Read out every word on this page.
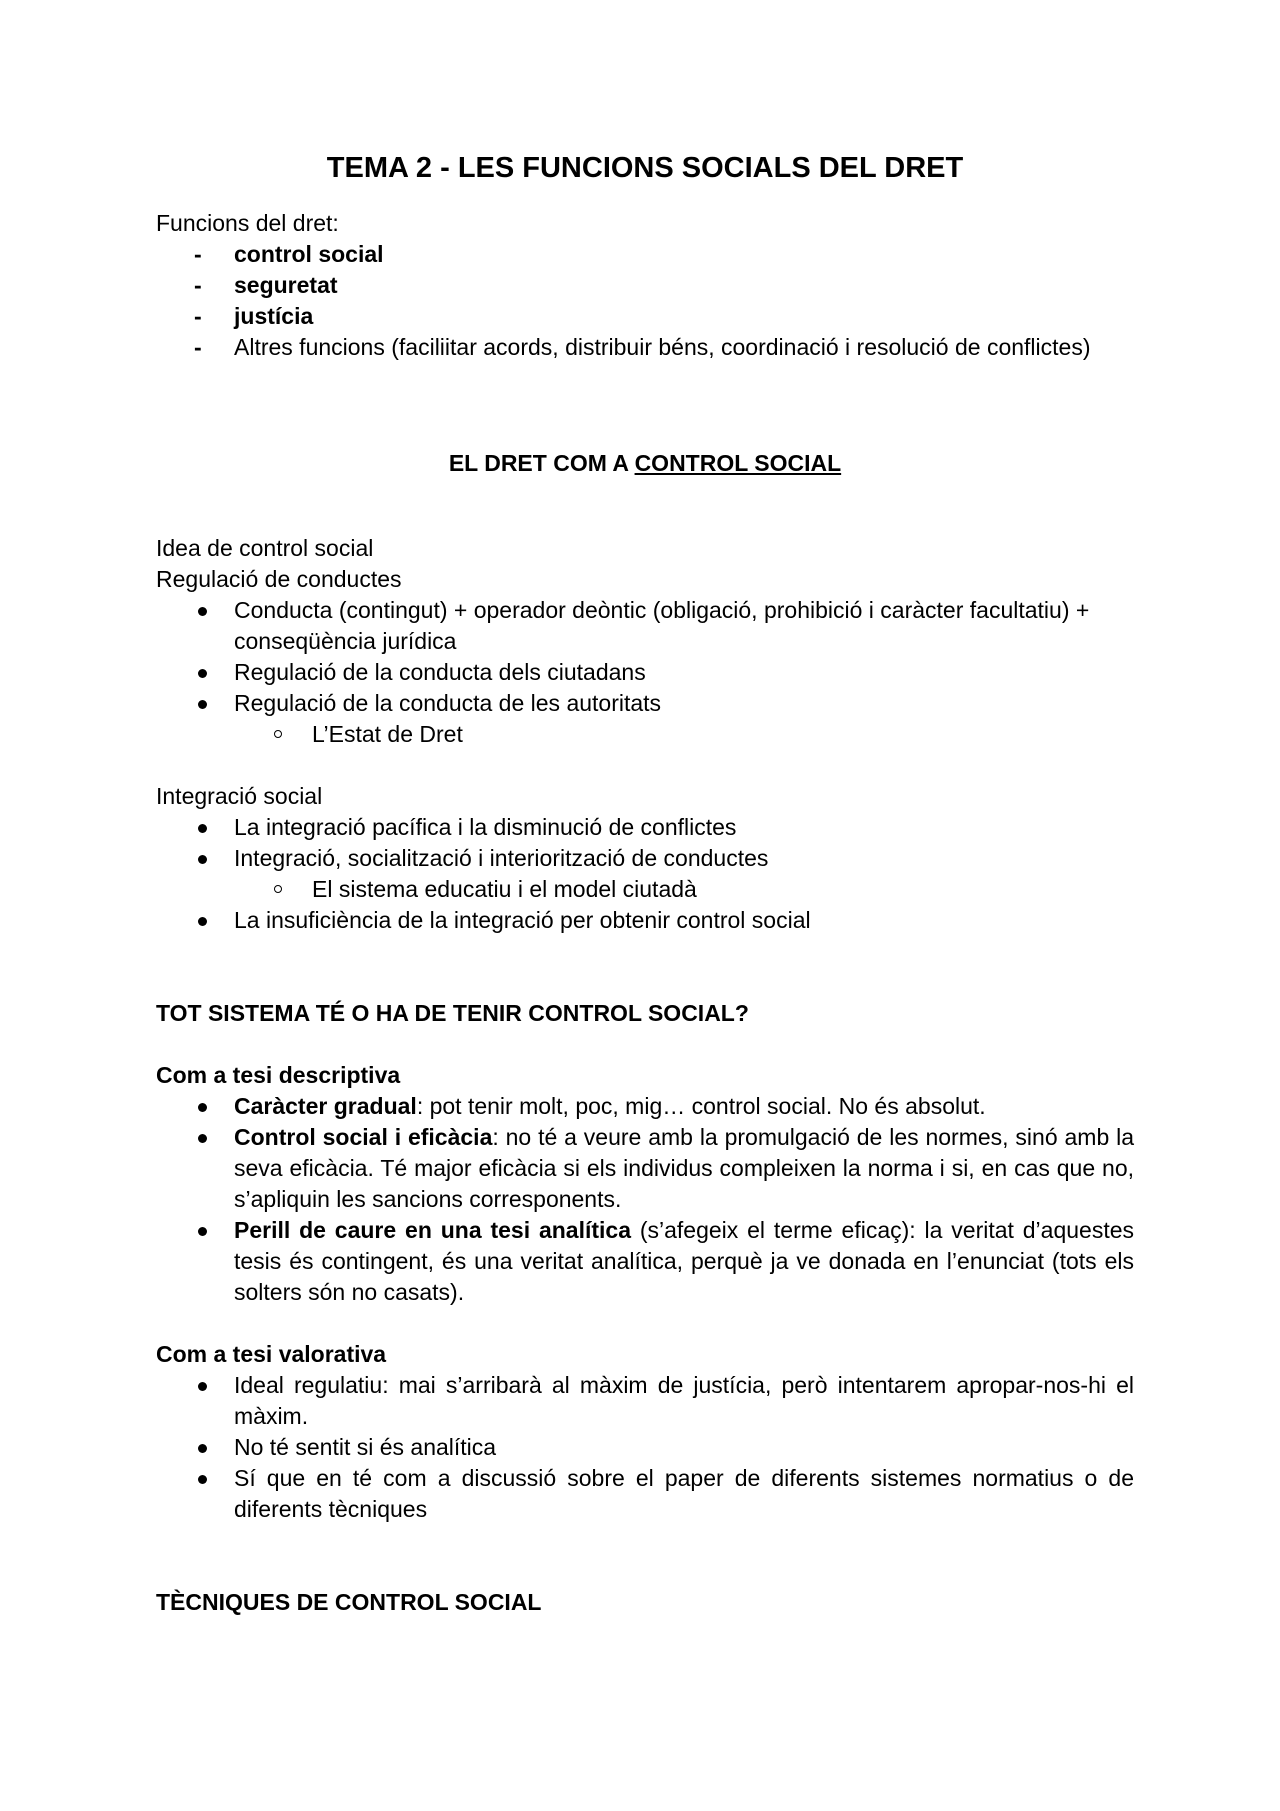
TEMA 2 - LES FUNCIONS SOCIALS DEL DRET

Funcions del dret:

- control social
- seguretat
- justícia
- Altres funcions (faciliitar acords, distribuir béns, coordinació i resolució de conflictes)

EL DRET COM A CONTROL SOCIAL

Idea de control social

Regulació de conductes

Conducta (contingut) + operador deòntic (obligació, prohibició i caràcter facultatiu) + conseqüència jurídica
Regulació de la conducta dels ciutadans
Regulació de la conducta de les autoritats
L’Estat de Dret

Integració social

La integració pacífica i la disminució de conflictes
Integració, socialització i interiorització de conductes
El sistema educatiu i el model ciutadà
La insuficiència de la integració per obtenir control social

TOT SISTEMA TÉ O HA DE TENIR CONTROL SOCIAL?

Com a tesi descriptiva

Caràcter gradual: pot tenir molt, poc, mig… control social. No és absolut.
Control social i eficàcia: no té a veure amb la promulgació de les normes, sinó amb la seva eficàcia. Té major eficàcia si els individus compleixen la norma i si, en cas que no, s’apliquin les sancions corresponents.
Perill de caure en una tesi analítica (s’afegeix el terme eficaç): la veritat d’aquestes tesis és contingent, és una veritat analítica, perquè ja ve donada en l’enunciat (tots els solters són no casats).

Com a tesi valorativa

Ideal regulatiu: mai s’arribarà al màxim de justícia, però intentarem apropar-nos-hi el màxim.
No té sentit si és analítica
Sí que en té com a discussió sobre el paper de diferents sistemes normatius o de diferents tècniques

TÈCNIQUES DE CONTROL SOCIAL
